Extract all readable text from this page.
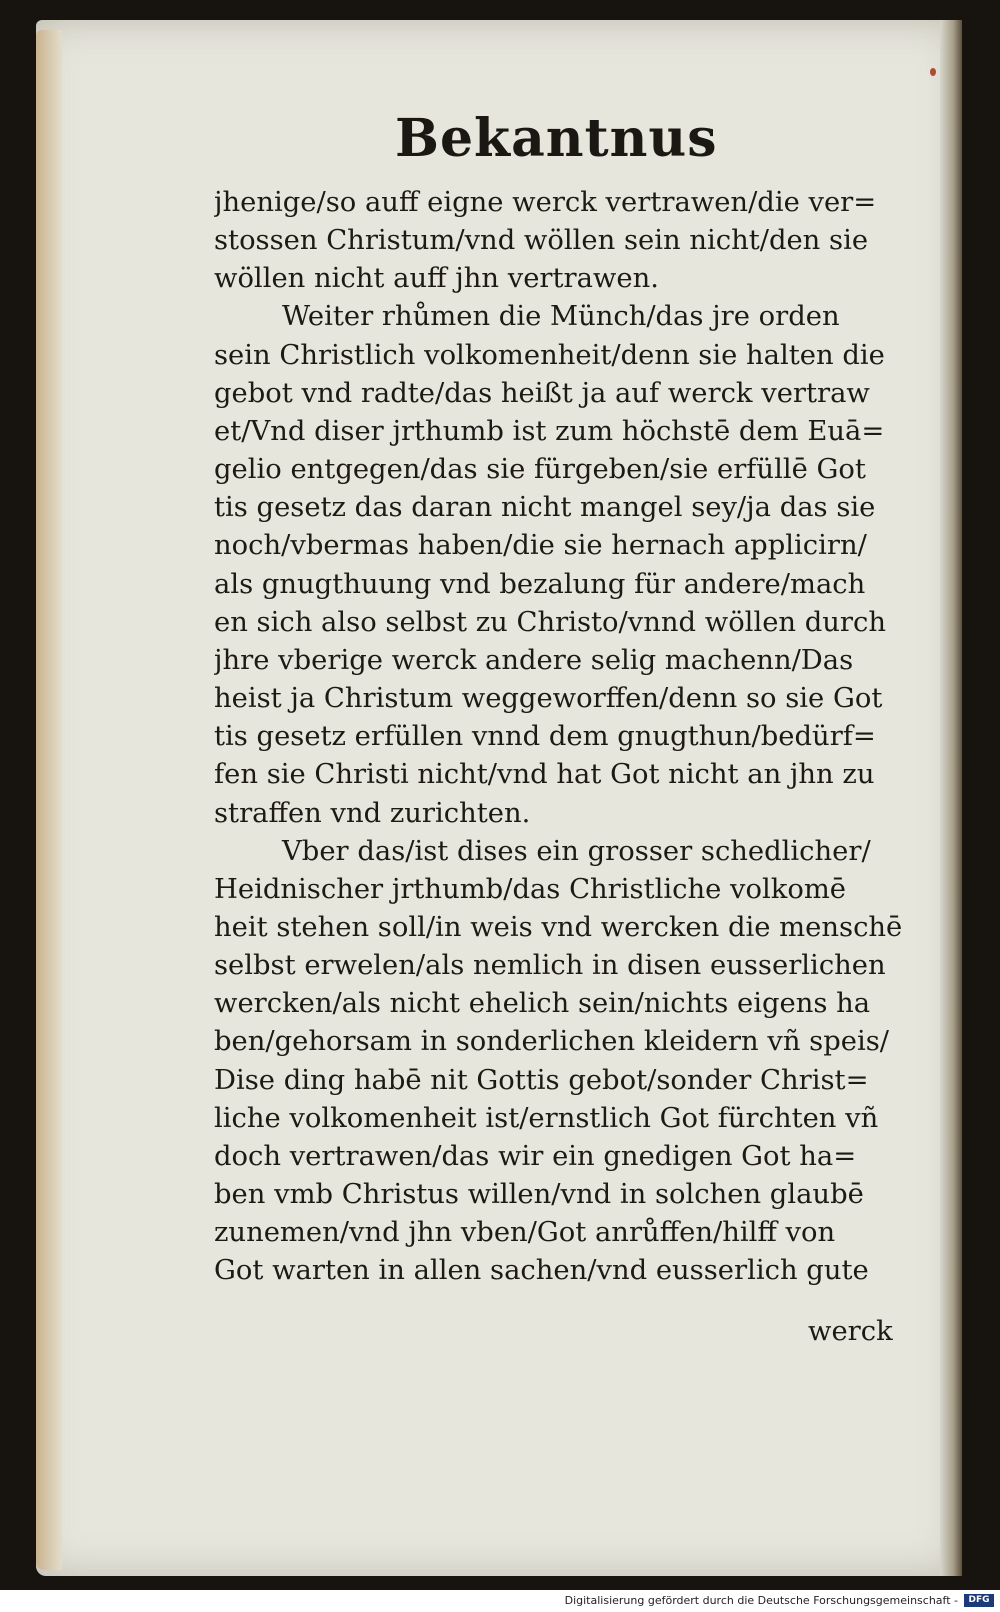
Bekantnus
jhenige/so auff eigne werck vertrawen/die ver=
stossen Christum/vnd wöllen sein nicht/den sie
wöllen nicht auff jhn vertrawen.
Weiter rhůmen die Münch/das jre orden
sein Christlich volkomenheit/denn sie halten die
gebot vnd radte/das heißt ja auf werck vertraw
et/Vnd diser jrthumb ist zum höchstē dem Euā=
gelio entgegen/das sie fürgeben/sie erfüllē Got
tis gesetz das daran nicht mangel sey/ja das sie
noch/vbermas haben/die sie hernach applicirn/
als gnugthuung vnd bezalung für andere/mach
en sich also selbst zu Christo/vnnd wöllen durch
jhre vberige werck andere selig machenn/Das
heist ja Christum weggeworffen/denn so sie Got
tis gesetz erfüllen vnnd dem gnugthun/bedürf=
fen sie Christi nicht/vnd hat Got nicht an jhn zu
straffen vnd zurichten.
Vber das/ist dises ein grosser schedlicher/
Heidnischer jrthumb/das Christliche volkomē
heit stehen soll/in weis vnd wercken die menschē
selbst erwelen/als nemlich in disen eusserlichen
wercken/als nicht ehelich sein/nichts eigens ha
ben/gehorsam in sonderlichen kleidern vñ speis/
Dise ding habē nit Gottis gebot/sonder Christ=
liche volkomenheit ist/ernstlich Got fürchten vñ
doch vertrawen/das wir ein gnedigen Got ha=
ben vmb Christus willen/vnd in solchen glaubē
zunemen/vnd jhn vben/Got anrůffen/hilff von
Got warten in allen sachen/vnd eusserlich gute
werck
Digitalisierung gefördert durch die Deutsche Forschungsgemeinschaft -	DFG
